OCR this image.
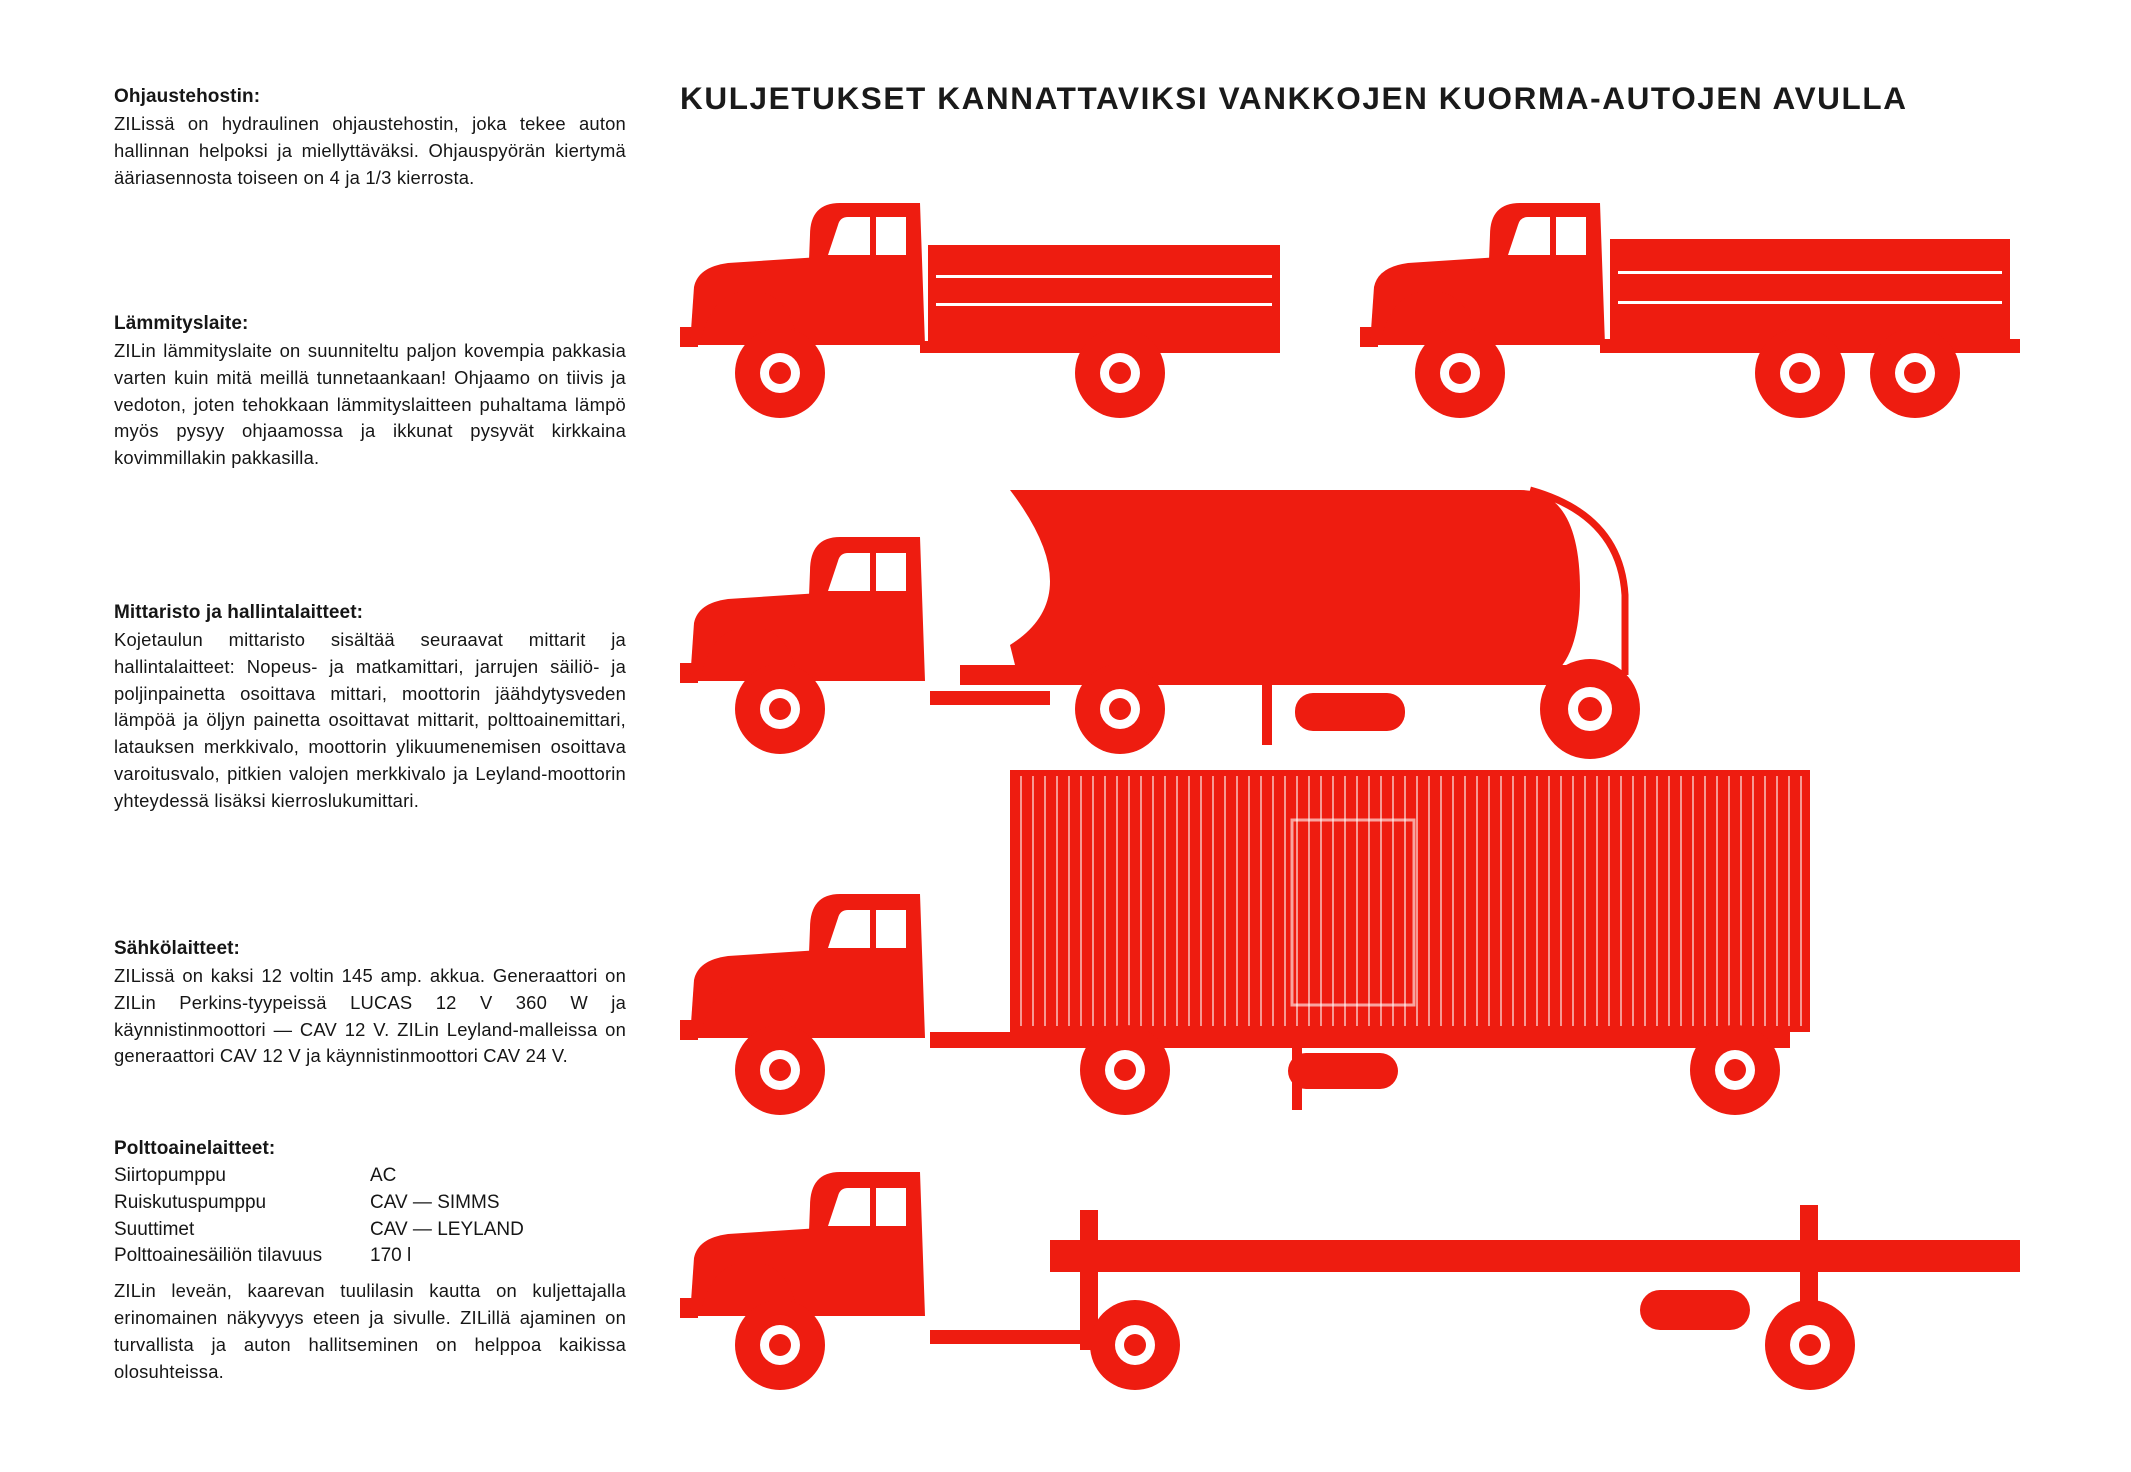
KULJETUKSET KANNATTAVIKSI VANKKOJEN KUORMA-AUTOJEN AVULLA

Ohjaustehostin:

ZILissä on hydraulinen ohjaustehostin, joka tekee auton hallinnan helpoksi ja miellyttäväksi. Ohjauspyörän kiertymä ääriasennosta toiseen on 4 ja 1/3 kierrosta.

Lämmityslaite:

ZILin lämmityslaite on suunniteltu paljon kovempia pakkasia varten kuin mitä meillä tunnetaankaan! Ohjaamo on tiivis ja vedoton, joten tehokkaan lämmityslaitteen puhaltama lämpö myös pysyy ohjaamossa ja ikkunat pysyvät kirkkaina kovimmillakin pakkasilla.

Mittaristo ja hallintalaitteet:

Kojetaulun mittaristo sisältää seuraavat mittarit ja hallintalaitteet: Nopeus- ja matkamittari, jarrujen säiliö- ja poljinpainetta osoittava mittari, moottorin jäähdytysveden lämpöä ja öljyn painetta osoittavat mittarit, polttoainemittari, latauksen merkkivalo, moottorin ylikuumenemisen osoittava varoitusvalo, pitkien valojen merkkivalo ja Leyland-moottorin yhteydessä lisäksi kierroslukumittari.

Sähkölaitteet:

ZILissä on kaksi 12 voltin 145 amp. akkua. Generaattori on ZILin Perkins-tyypeissä LUCAS 12 V 360 W ja käynnistinmoottori — CAV 12 V. ZILin Leyland-malleissa on generaattori CAV 12 V ja käynnistinmoottori CAV 24 V.

Polttoainelaitteet:

Siirtopumppu	AC
Ruiskutuspumppu	CAV — SIMMS
Suuttimet	CAV — LEYLAND
Polttoainesäiliön tilavuus	170 l

ZILin leveän, kaarevan tuulilasin kautta on kuljettajalla erinomainen näkyvyys eteen ja sivulle. ZILillä ajaminen on turvallista ja auton hallitseminen on helppoa kaikissa olosuhteissa.
